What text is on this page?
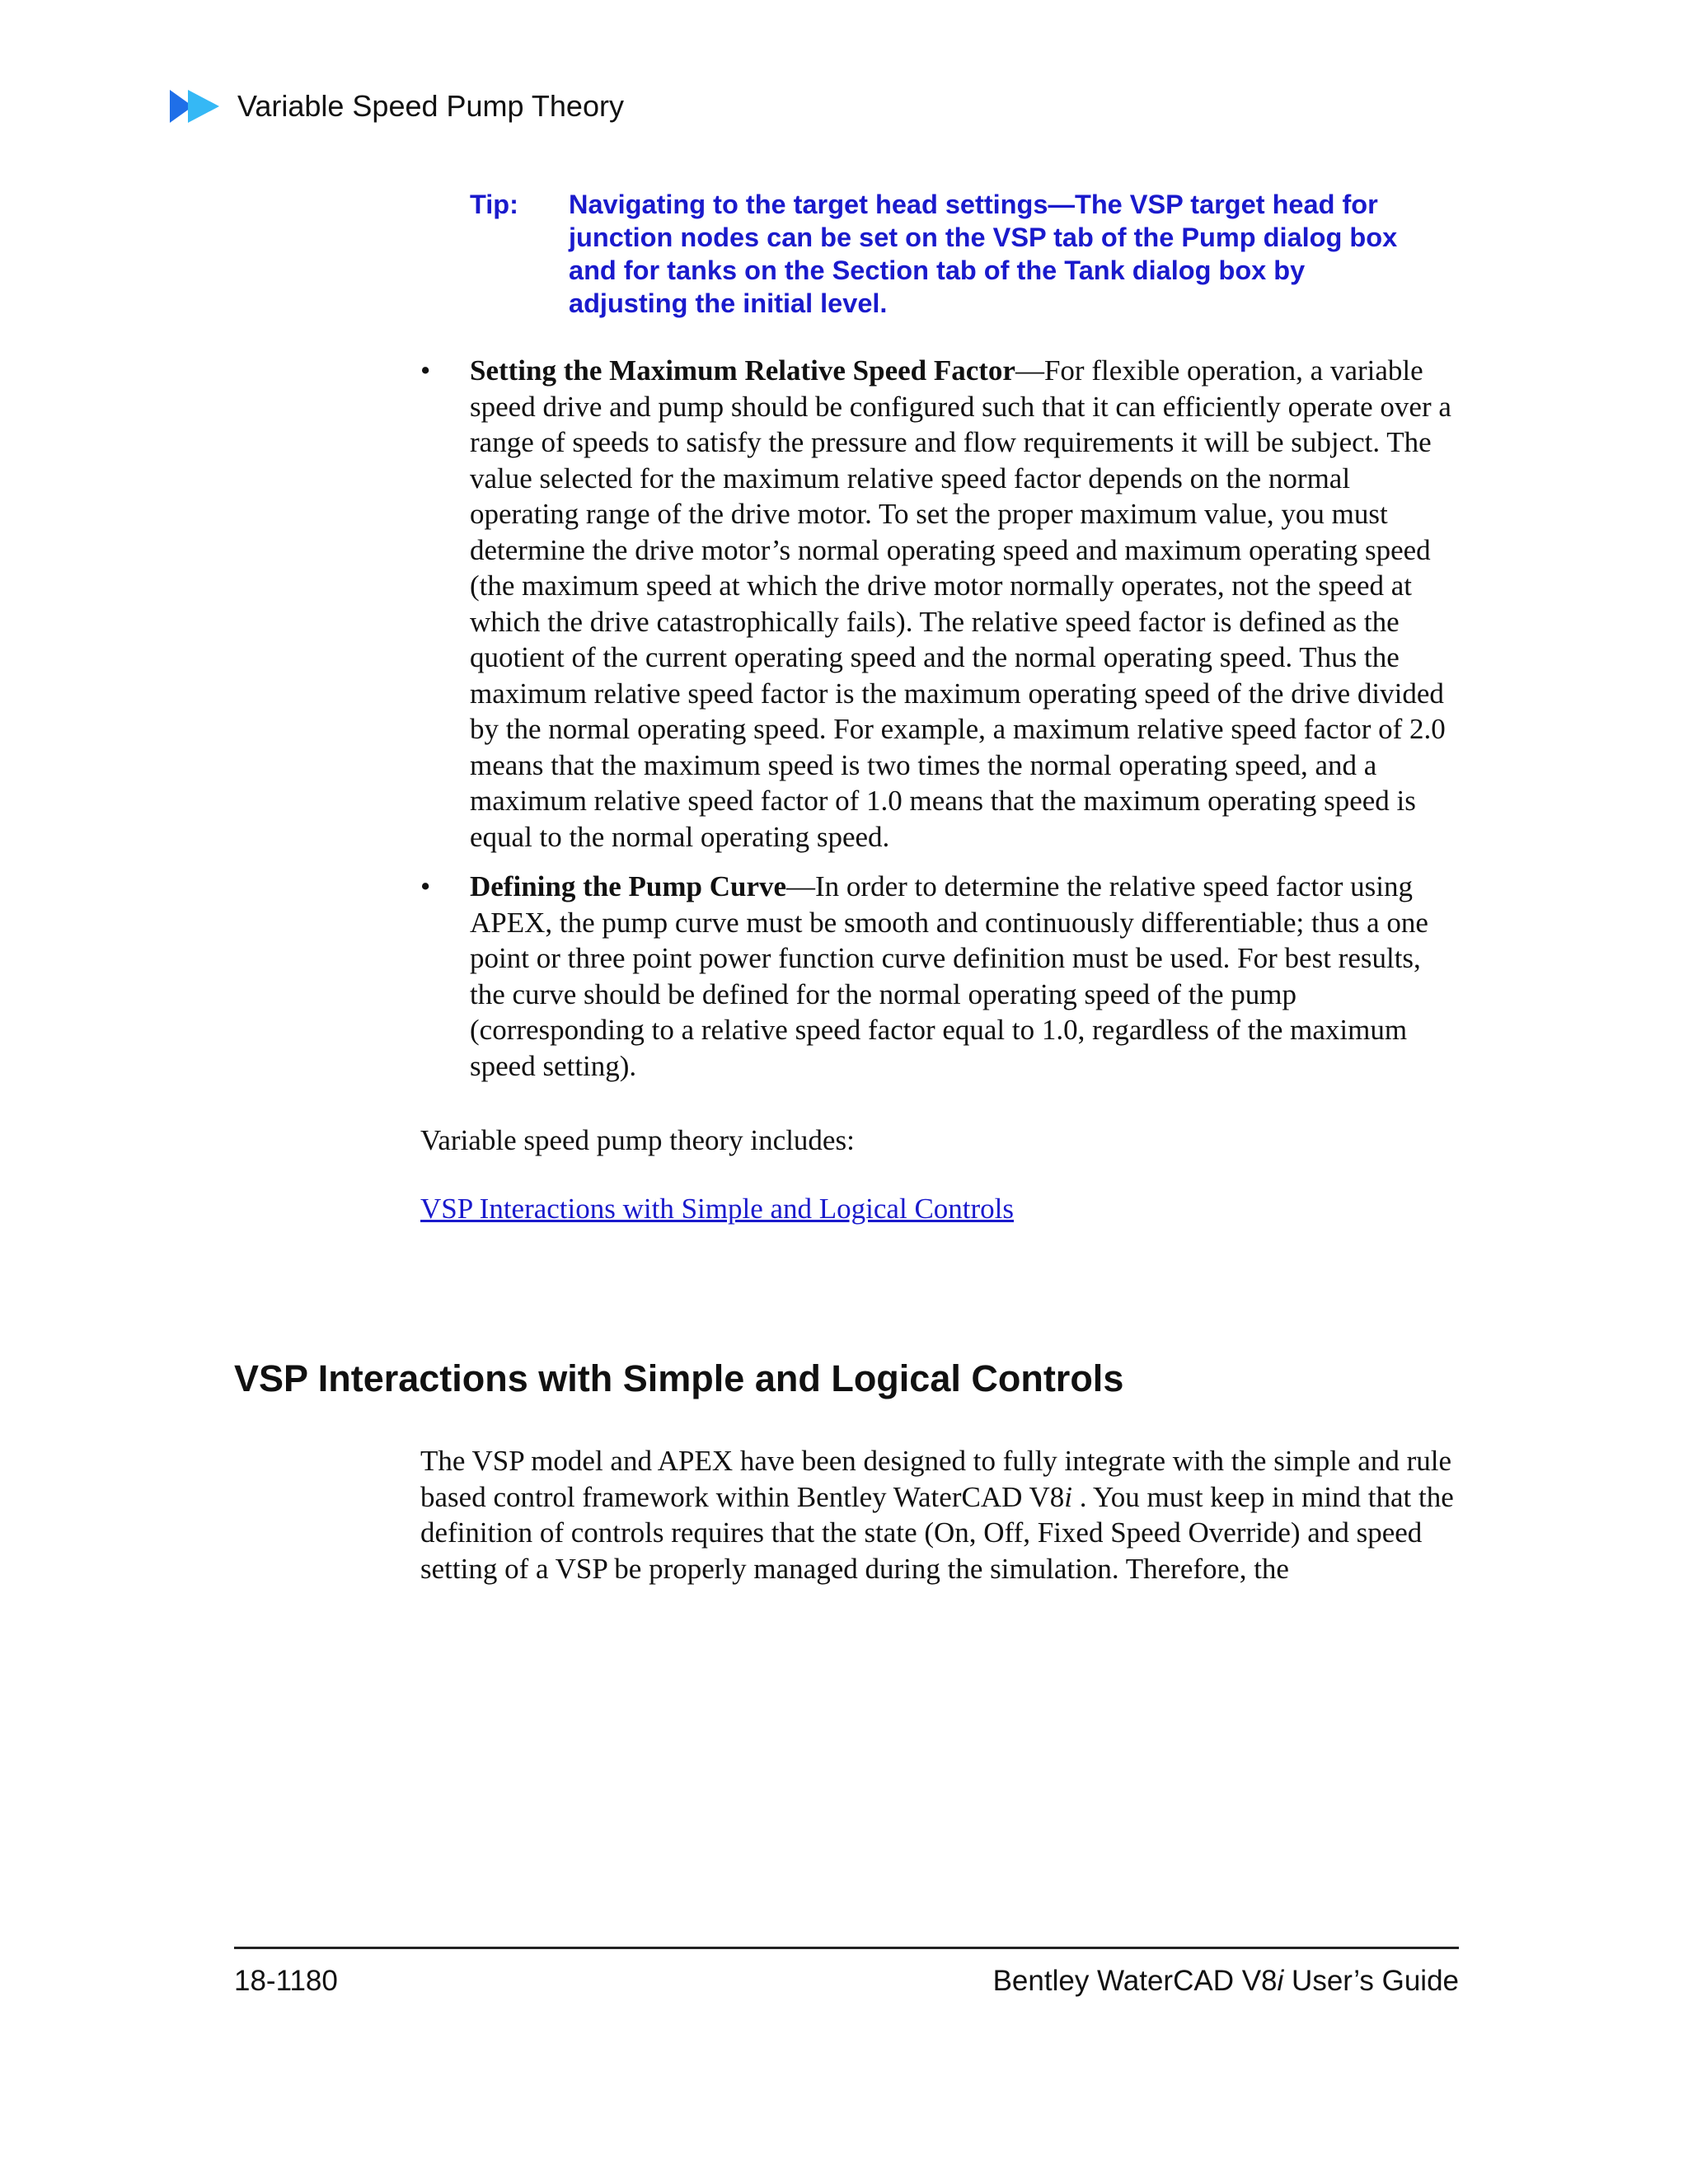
Variable Speed Pump Theory
Tip:	Navigating to the target head settings—The VSP target head for junction nodes can be set on the VSP tab of the Pump dialog box and for tanks on the Section tab of the Tank dialog box by adjusting the initial level.
•	Setting the Maximum Relative Speed Factor—For flexible operation, a variable speed drive and pump should be configured such that it can efficiently operate over a range of speeds to satisfy the pressure and flow requirements it will be subject. The value selected for the maximum relative speed factor depends on the normal operating range of the drive motor. To set the proper maximum value, you must determine the drive motor’s normal operating speed and maximum operating speed (the maximum speed at which the drive motor normally operates, not the speed at which the drive catastrophically fails). The relative speed factor is defined as the quotient of the current operating speed and the normal operating speed. Thus the maximum relative speed factor is the maximum operating speed of the drive divided by the normal operating speed. For example, a maximum relative speed factor of 2.0 means that the maximum speed is two times the normal operating speed, and a maximum relative speed factor of 1.0 means that the maximum operating speed is equal to the normal operating speed.
•	Defining the Pump Curve—In order to determine the relative speed factor using APEX, the pump curve must be smooth and continuously differentiable; thus a one point or three point power function curve definition must be used. For best results, the curve should be defined for the normal operating speed of the pump (corresponding to a relative speed factor equal to 1.0, regardless of the maximum speed setting).
Variable speed pump theory includes:
VSP Interactions with Simple and Logical Controls
VSP Interactions with Simple and Logical Controls

The VSP model and APEX have been designed to fully integrate with the simple and rule based control framework within Bentley WaterCAD V8i . You must keep in mind that the definition of controls requires that the state (On, Off, Fixed Speed Override) and speed setting of a VSP be properly managed during the simulation. Therefore, the

18-1180	Bentley WaterCAD V8i User’s Guide
